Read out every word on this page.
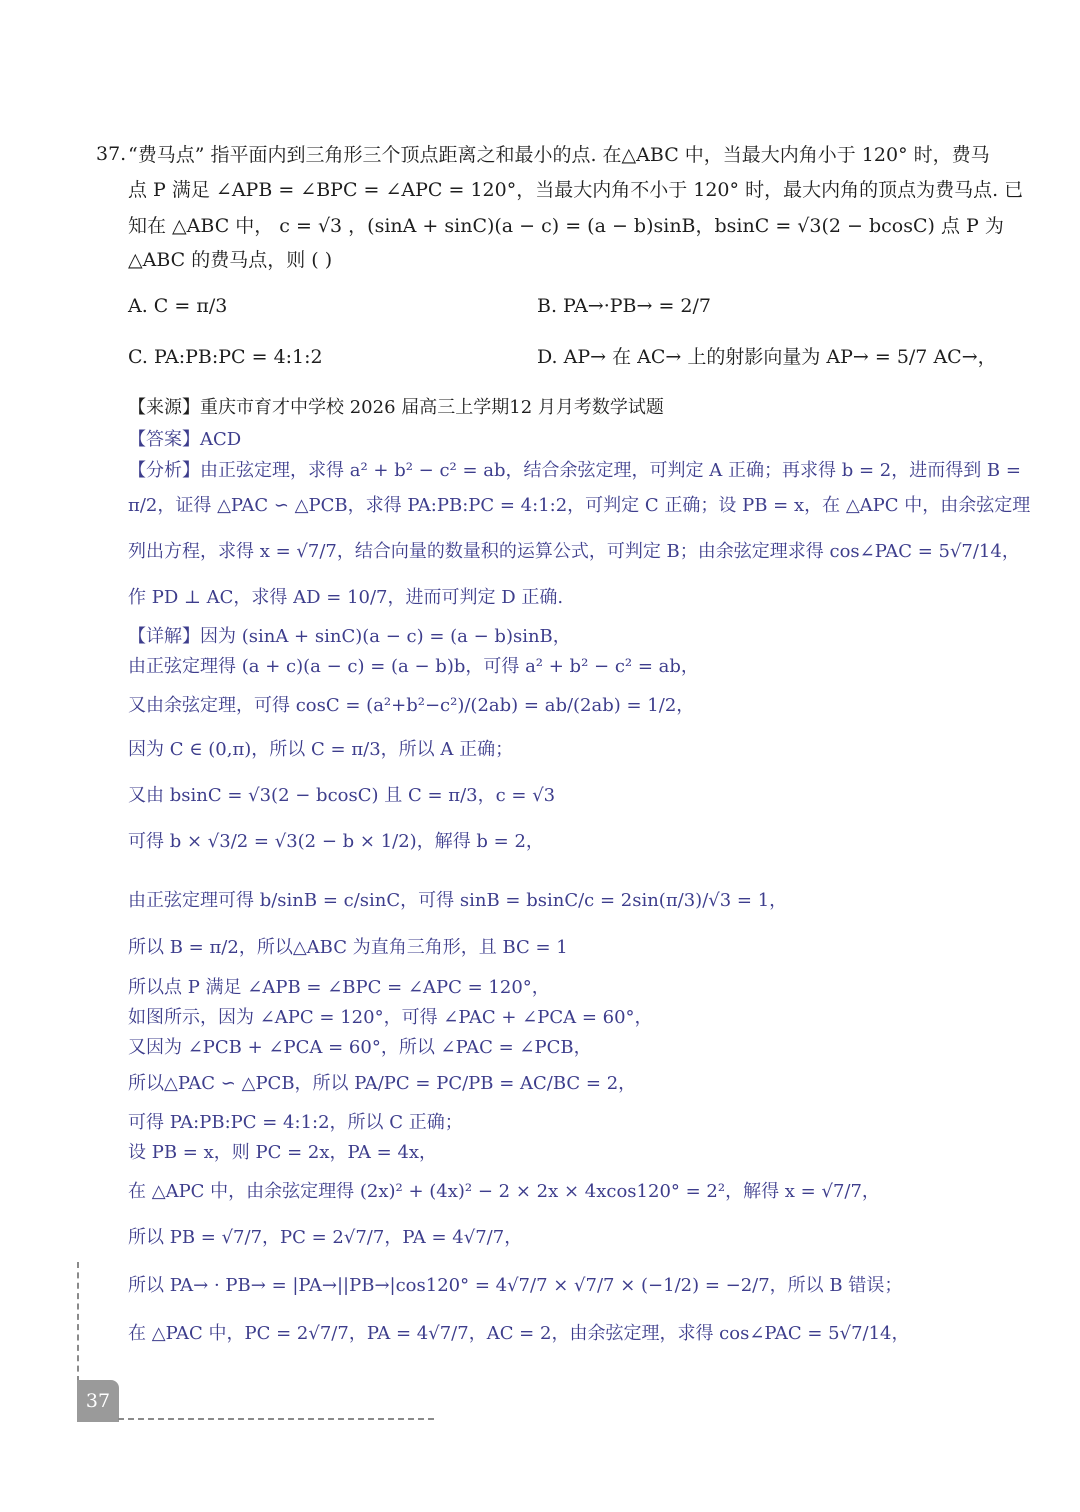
37. “费马点” 指平面内到三角形三个顶点距离之和最小的点. 在△ABC 中，当最大内角小于 120° 时，费马
点 P 满足 ∠APB = ∠BPC = ∠APC = 120°，当最大内角不小于 120° 时，最大内角的顶点为费马点. 已
知在 △ABC 中， c = √3 ，(sinA + sinC)(a − c) = (a − b)sinB，bsinC = √3(2 − bcosC) 点 P 为
△ABC 的费马点，则 ( )
A. C = π/3	B. PA→·PB→ = 2/7
C. PA:PB:PC = 4:1:2	D. AP→ 在 AC→ 上的射影向量为 AP→ = 5/7 AC→，
【来源】重庆市育才中学校 2026 届高三上学期12 月月考数学试题
【答案】ACD
【分析】由正弦定理，求得 a² + b² − c² = ab，结合余弦定理，可判定 A 正确；再求得 b = 2，进而得到 B =
π/2，证得 △PAC ∽ △PCB，求得 PA:PB:PC = 4:1:2，可判定 C 正确；设 PB = x，在 △APC 中，由余弦定理
列出方程，求得 x = √7/7，结合向量的数量积的运算公式，可判定 B；由余弦定理求得 cos∠PAC = 5√7/14，
作 PD ⊥ AC，求得 AD = 10/7，进而可判定 D 正确.
【详解】因为 (sinA + sinC)(a − c) = (a − b)sinB，
由正弦定理得 (a + c)(a − c) = (a − b)b，可得 a² + b² − c² = ab，
又由余弦定理，可得 cosC = (a²+b²−c²)/(2ab) = ab/(2ab) = 1/2，
因为 C ∈ (0,π)，所以 C = π/3，所以 A 正确；
又由 bsinC = √3(2 − bcosC) 且 C = π/3，c = √3
可得 b × √3/2 = √3(2 − b × 1/2)，解得 b = 2，
由正弦定理可得 b/sinB = c/sinC，可得 sinB = bsinC/c = 2sin(π/3)/√3 = 1，
所以 B = π/2，所以△ABC 为直角三角形，且 BC = 1
所以点 P 满足 ∠APB = ∠BPC = ∠APC = 120°，
如图所示，因为 ∠APC = 120°，可得 ∠PAC + ∠PCA = 60°，
又因为 ∠PCB + ∠PCA = 60°，所以 ∠PAC = ∠PCB，
所以△PAC ∽ △PCB，所以 PA/PC = PC/PB = AC/BC = 2，
可得 PA:PB:PC = 4:1:2，所以 C 正确；
设 PB = x，则 PC = 2x，PA = 4x，
在 △APC 中，由余弦定理得 (2x)² + (4x)² − 2 × 2x × 4xcos120° = 2²，解得 x = √7/7，
所以 PB = √7/7，PC = 2√7/7，PA = 4√7/7，
所以 PA→ · PB→ = |PA→||PB→|cos120° = 4√7/7 × √7/7 × (−1/2) = −2/7，所以 B 错误；
在 △PAC 中，PC = 2√7/7，PA = 4√7/7，AC = 2，由余弦定理，求得 cos∠PAC = 5√7/14，
37
